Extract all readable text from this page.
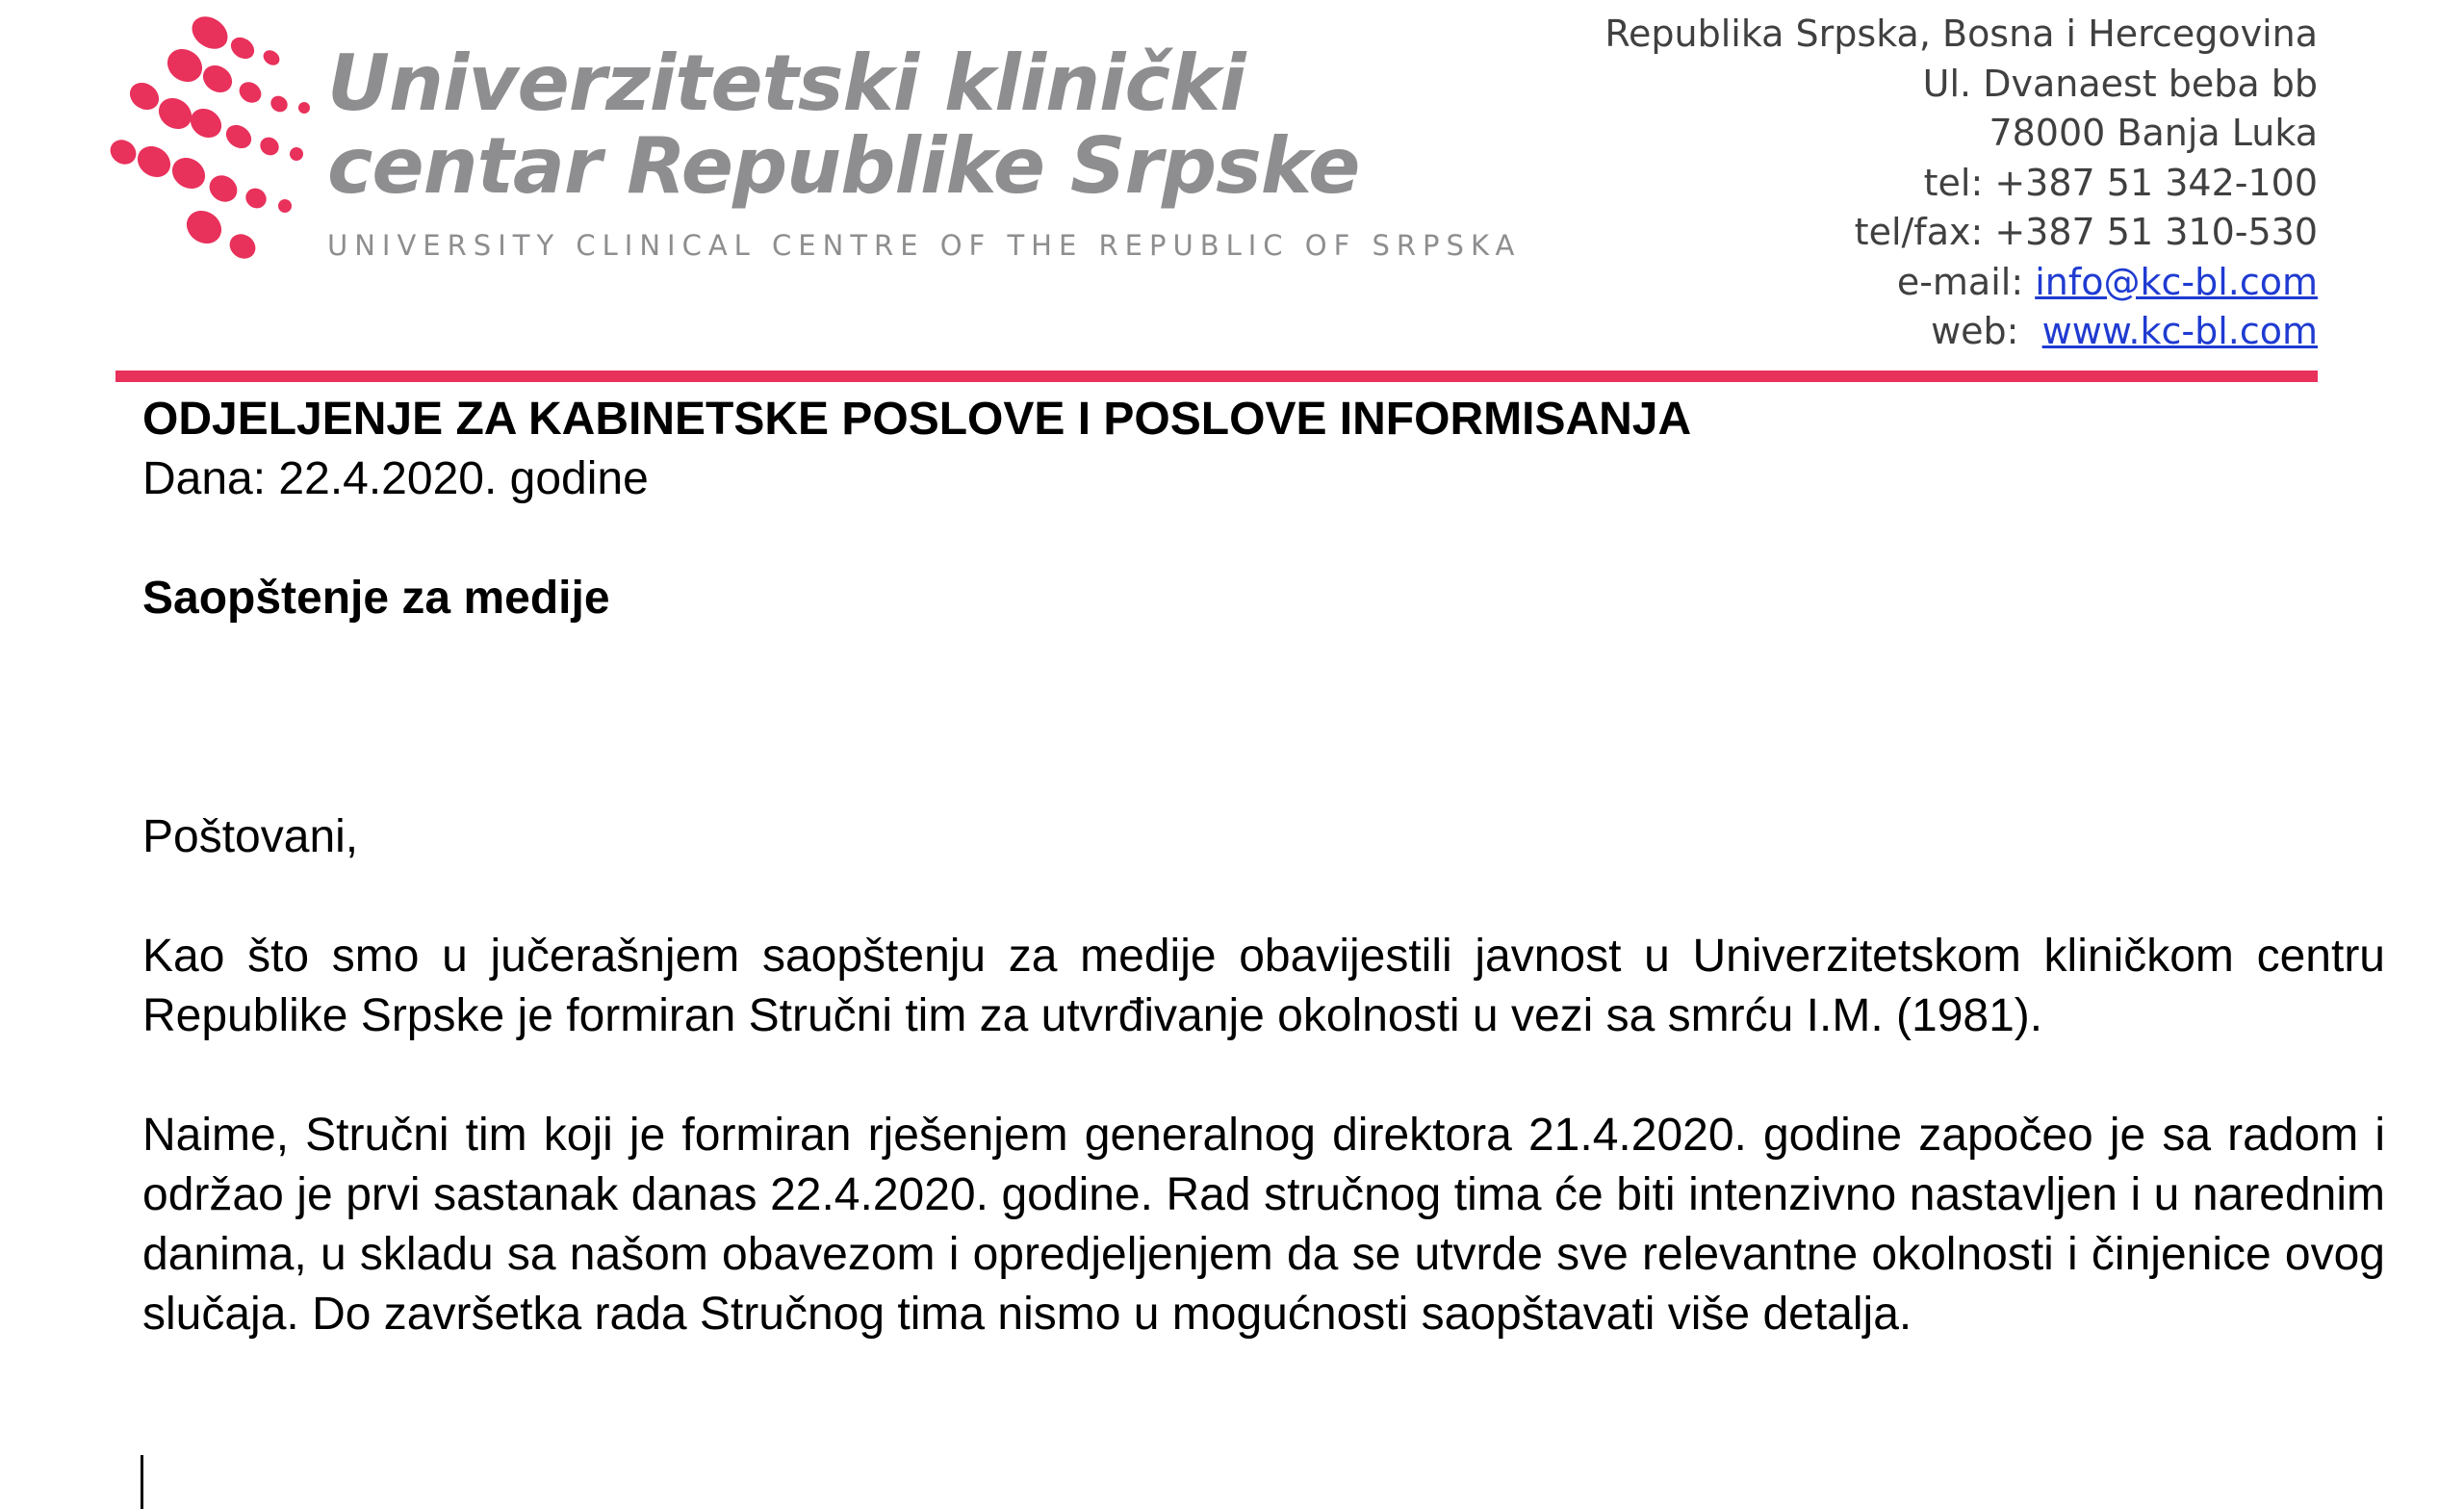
Univerzitetski klinički
centar Republike Srpske
UNIVERSITY CLINICAL CENTRE OF THE REPUBLIC OF SRPSKA
Republika Srpska, Bosna i Hercegovina
Ul. Dvanaest beba bb
78000 Banja Luka
tel: +387 51 342-100
tel/fax: +387 51 310-530
e-mail: info@kc-bl.com
web:  www.kc-bl.com
ODJELJENJE ZA KABINETSKE POSLOVE I POSLOVE INFORMISANJA
Dana: 22.4.2020. godine
Saopštenje za medije
Poštovani,
Kao što smo u jučerašnjem saopštenju za medije obavijestili javnost u Univerzitetskom kliničkom centru Republike Srpske je formiran Stručni tim za utvrđivanje okolnosti u vezi sa smrću I.M. (1981).
Naime, Stručni tim koji je formiran rješenjem generalnog direktora 21.4.2020. godine započeo je sa radom i održao je prvi sastanak danas 22.4.2020. godine. Rad stručnog tima će biti intenzivno nastavljen i u narednim danima, u skladu sa našom obavezom i opredjeljenjem da se utvrde sve relevantne okolnosti i činjenice ovog slučaja. Do završetka rada Stručnog tima nismo u mogućnosti saopštavati više detalja.
